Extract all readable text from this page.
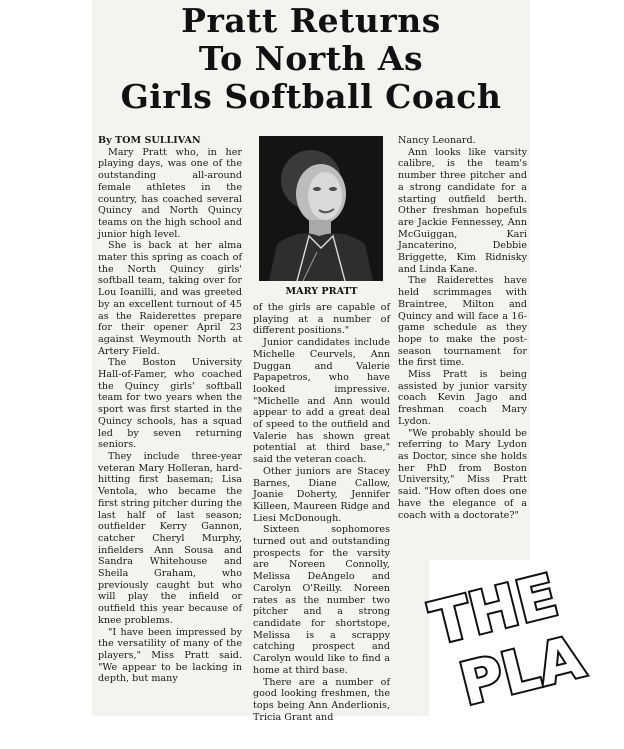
Pratt Returns
To North As
Girls Softball Coach

By TOM SULLIVAN

Mary Pratt who, in her playing days, was one of the outstanding all-around female athletes in the country, has coached several Quincy and North Quincy teams on the high school and junior high level.

She is back at her alma mater this spring as coach of the North Quincy girls' softball team, taking over for Lou Ioanilli, and was greeted by an excellent turnout of 45 as the Raiderettes prepare for their opener April 23 against Weymouth North at Artery Field.

The Boston University Hall-of-Famer, who coached the Quincy girls' softball team for two years when the sport was first started in the Quincy schools, has a squad led by seven returning seniors.

They include three-year veteran Mary Holleran, hard-hitting first baseman; Lisa Ventola, who became the first string pitcher during the last half of last season; outfielder Kerry Gannon, catcher Cheryl Murphy, infielders Ann Sousa and Sandra Whitehouse and Sheila Graham, who previously caught but who will play the infield or outfield this year because of knee problems.

"I have been impressed by the versatility of many of the players," Miss Pratt said. "We appear to be lacking in depth, but many

MARY PRATT

of the girls are capable of playing at a number of different positions."

Junior candidates include Michelle Ceurvels, Ann Duggan and Valerie Papapetros, who have looked impressive. "Michelle and Ann would appear to add a great deal of speed to the outfield and Valerie has shown great potential at third base," said the veteran coach.

Other juniors are Stacey Barnes, Diane Callow, Joanie Doherty, Jennifer Killeen, Maureen Ridge and Liesi McDonough.

Sixteen sophomores turned out and outstanding prospects for the varsity are Noreen Connolly, Melissa DeAngelo and Carolyn O'Reilly. Noreen rates as the number two pitcher and a strong candidate for shortstope, Melissa is a scrappy catching prospect and Carolyn would like to find a home at third base.

There are a number of good looking freshmen, the tops being Ann Anderlionis, Tricia Grant and

Nancy Leonard.

Ann looks like varsity calibre, is the team's number three pitcher and a strong candidate for a starting outfield berth. Other freshman hopefuls are Jackie Fennessey, Ann McGuiggan, Kari Jancaterino, Debbie Briggette, Kim Ridnisky and Linda Kane.

The Raiderettes have held scrimmages with Braintree, Milton and Quincy and will face a 16-game schedule as they hope to make the post-season tournament for the first time.

Miss Pratt is being assisted by junior varsity coach Kevin Jago and freshman coach Mary Lydon.

"We probably should be referring to Mary Lydon as Doctor, since she holds her PhD from Boston University," Miss Pratt said. "How often does one have the elegance of a coach with a doctorate?"

THE
PLA
